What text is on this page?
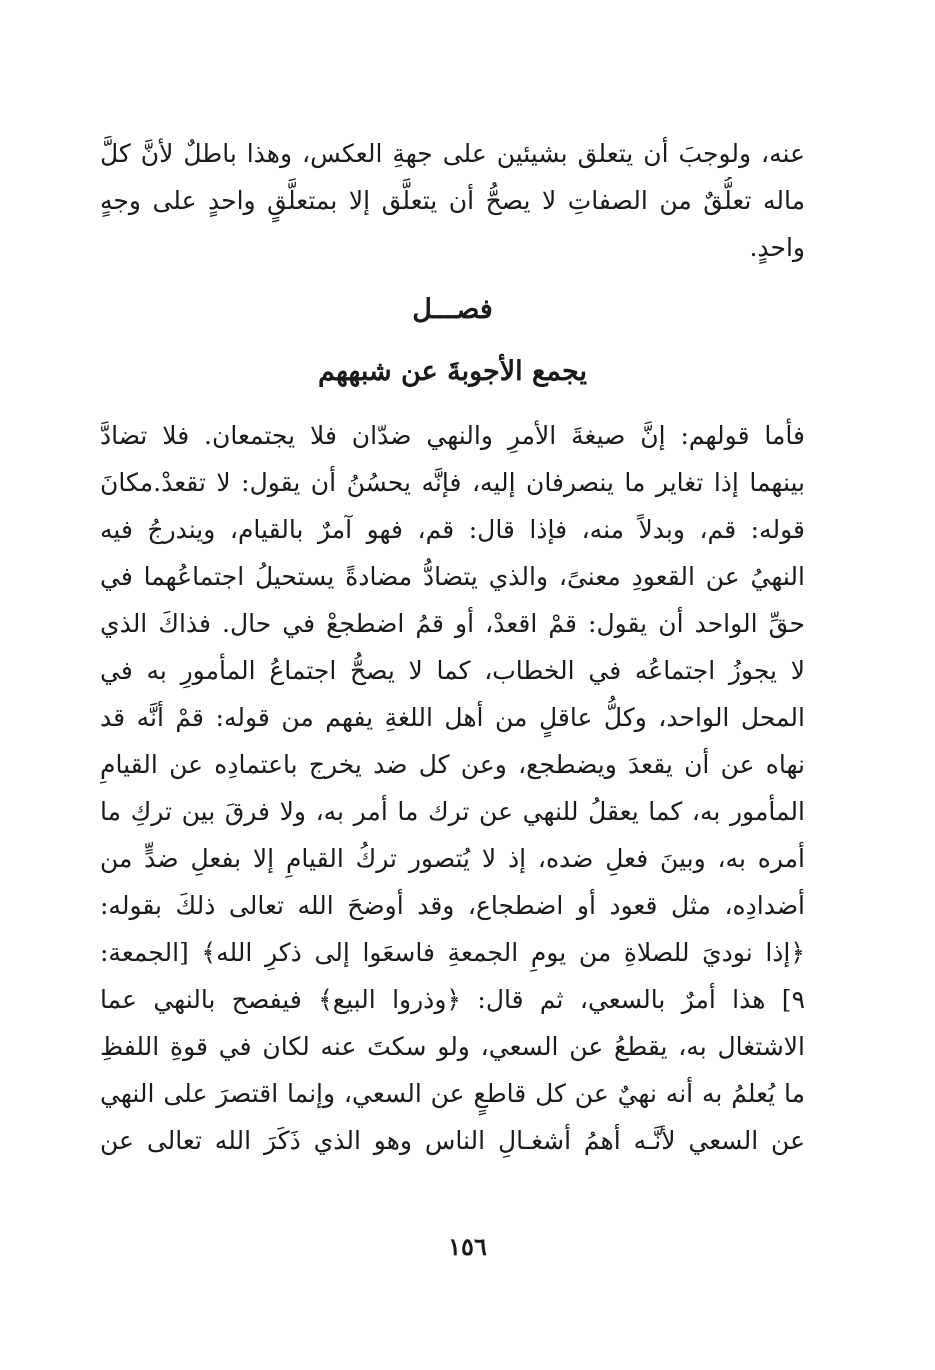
عنه، ولوجبَ أن يتعلق بشيئين على جهةِ العكس، وهذا باطلٌ لأنَّ كلَّ
ماله تعلُّقٌ من الصفاتِ لا يصحُّ أن يتعلَّق إلا بمتعلَّقٍ واحدٍ على وجهٍ
واحدٍ.
فصـــل
يجمع الأجوبةَ عن شبههم
فأما قولهم: إنَّ صيغةَ الأمرِ والنهي ضدّان فلا يجتمعان. فلا تضادَّ
بينهما إذا تغاير ما ينصرفان إليه، فإنَّه يحسُنُ أن يقول: لا تقعدْ.مكانَ
قوله: قم، وبدلاً منه، فإذا قال: قم، فهو آمرٌ بالقيام، ويندرجُ فيه
النهيُ عن القعودِ معنىً، والذي يتضادُّ مضادةً يستحيلُ اجتماعُهما في
حقِّ الواحد أن يقول: قمْ اقعدْ، أو قمُ اضطجعْ في حال. فذاكَ الذي
لا يجوزُ اجتماعُه في الخطاب، كما لا يصحُّ اجتماعُ المأمورِ به في
المحل الواحد، وكلُّ عاقلٍ من أهل اللغةِ يفهم من قوله: قمْ أنَّه قد
نهاه عن أن يقعدَ ويضطجع، وعن كل ضد يخرج باعتمادِه عن القيامِ
المأمور به، كما يعقلُ للنهي عن ترك ما أمر به، ولا فرقَ بين تركِ ما
أمره به، وبينَ فعلِ ضده، إذ لا يُتصور تركُ القيامِ إلا بفعلِ ضدٍّ من
أضدادِه، مثل قعود أو اضطجاع، وقد أوضحَ الله تعالى ذلكَ بقوله:
﴿إذا نوديَ للصلاةِ من يومِ الجمعةِ فاسعَوا إلى ذكرِ الله﴾ [الجمعة:
٩] هذا أمرٌ بالسعي، ثم قال: ﴿وذروا البيع﴾ فيفصح بالنهي عما
الاشتغال به، يقطعُ عن السعي، ولو سكتَ عنه لكان في قوةِ اللفظِ
ما يُعلمُ به أنه نهيٌ عن كل قاطعٍ عن السعي، وإنما اقتصرَ على النهي
عن السعي لأنَّـه أهمُ أشغـالِ الناس وهو الذي ذَكَرَ الله تعالى عن
١٥٦
